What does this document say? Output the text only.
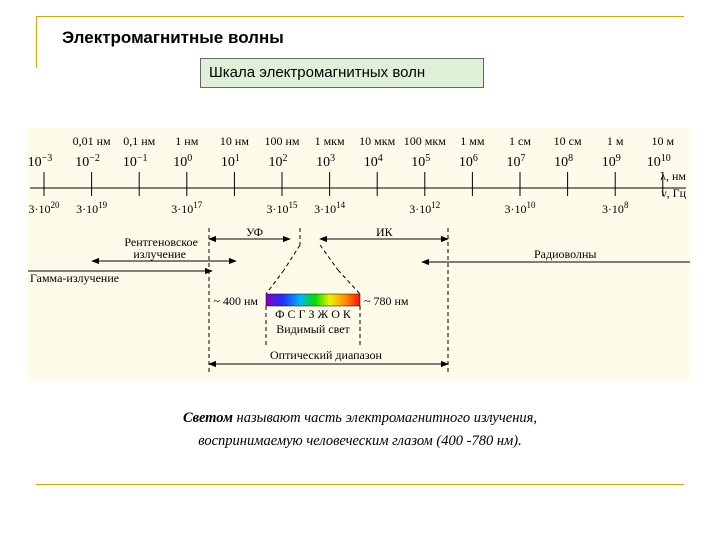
Электромагнитные волны
Шкала электромагнитных волн
0,01 нм 0,1 нм 1 нм 10 нм 100 нм 1 мкм 10 мкм 100 мкм 1 мм 1 см 10 см 1 м 10 м
$10^{-3}$ $10^{-2}$ $10^{-1}$ $10^0$ $10^1$ $10^2$ $10^3$ $10^4$ $10^5$ $10^6$ $10^7$ $10^8$ $10^9$ $10^{10}$
$3\cdot 10^{20}$ $3\cdot 10^{19}$	$3\cdot 10^{17}$	$3\cdot 10^{15}$ $3\cdot 10^{14}$	$3\cdot 10^{12}$	$3\cdot 10^{10}$	$3\cdot 10^8$
λ, нм
ν, Гц
УФ	ИК
Рентгеновское
излучение
Гамма-излучение
Радиоволны
~ 400 нм	~ 780 нм
Ф С Г З Ж О К
Видимый свет
Оптический диапазон
Светом называют часть электромагнитного излучения,
воспринимаемую человеческим глазом (400 -780 нм).
